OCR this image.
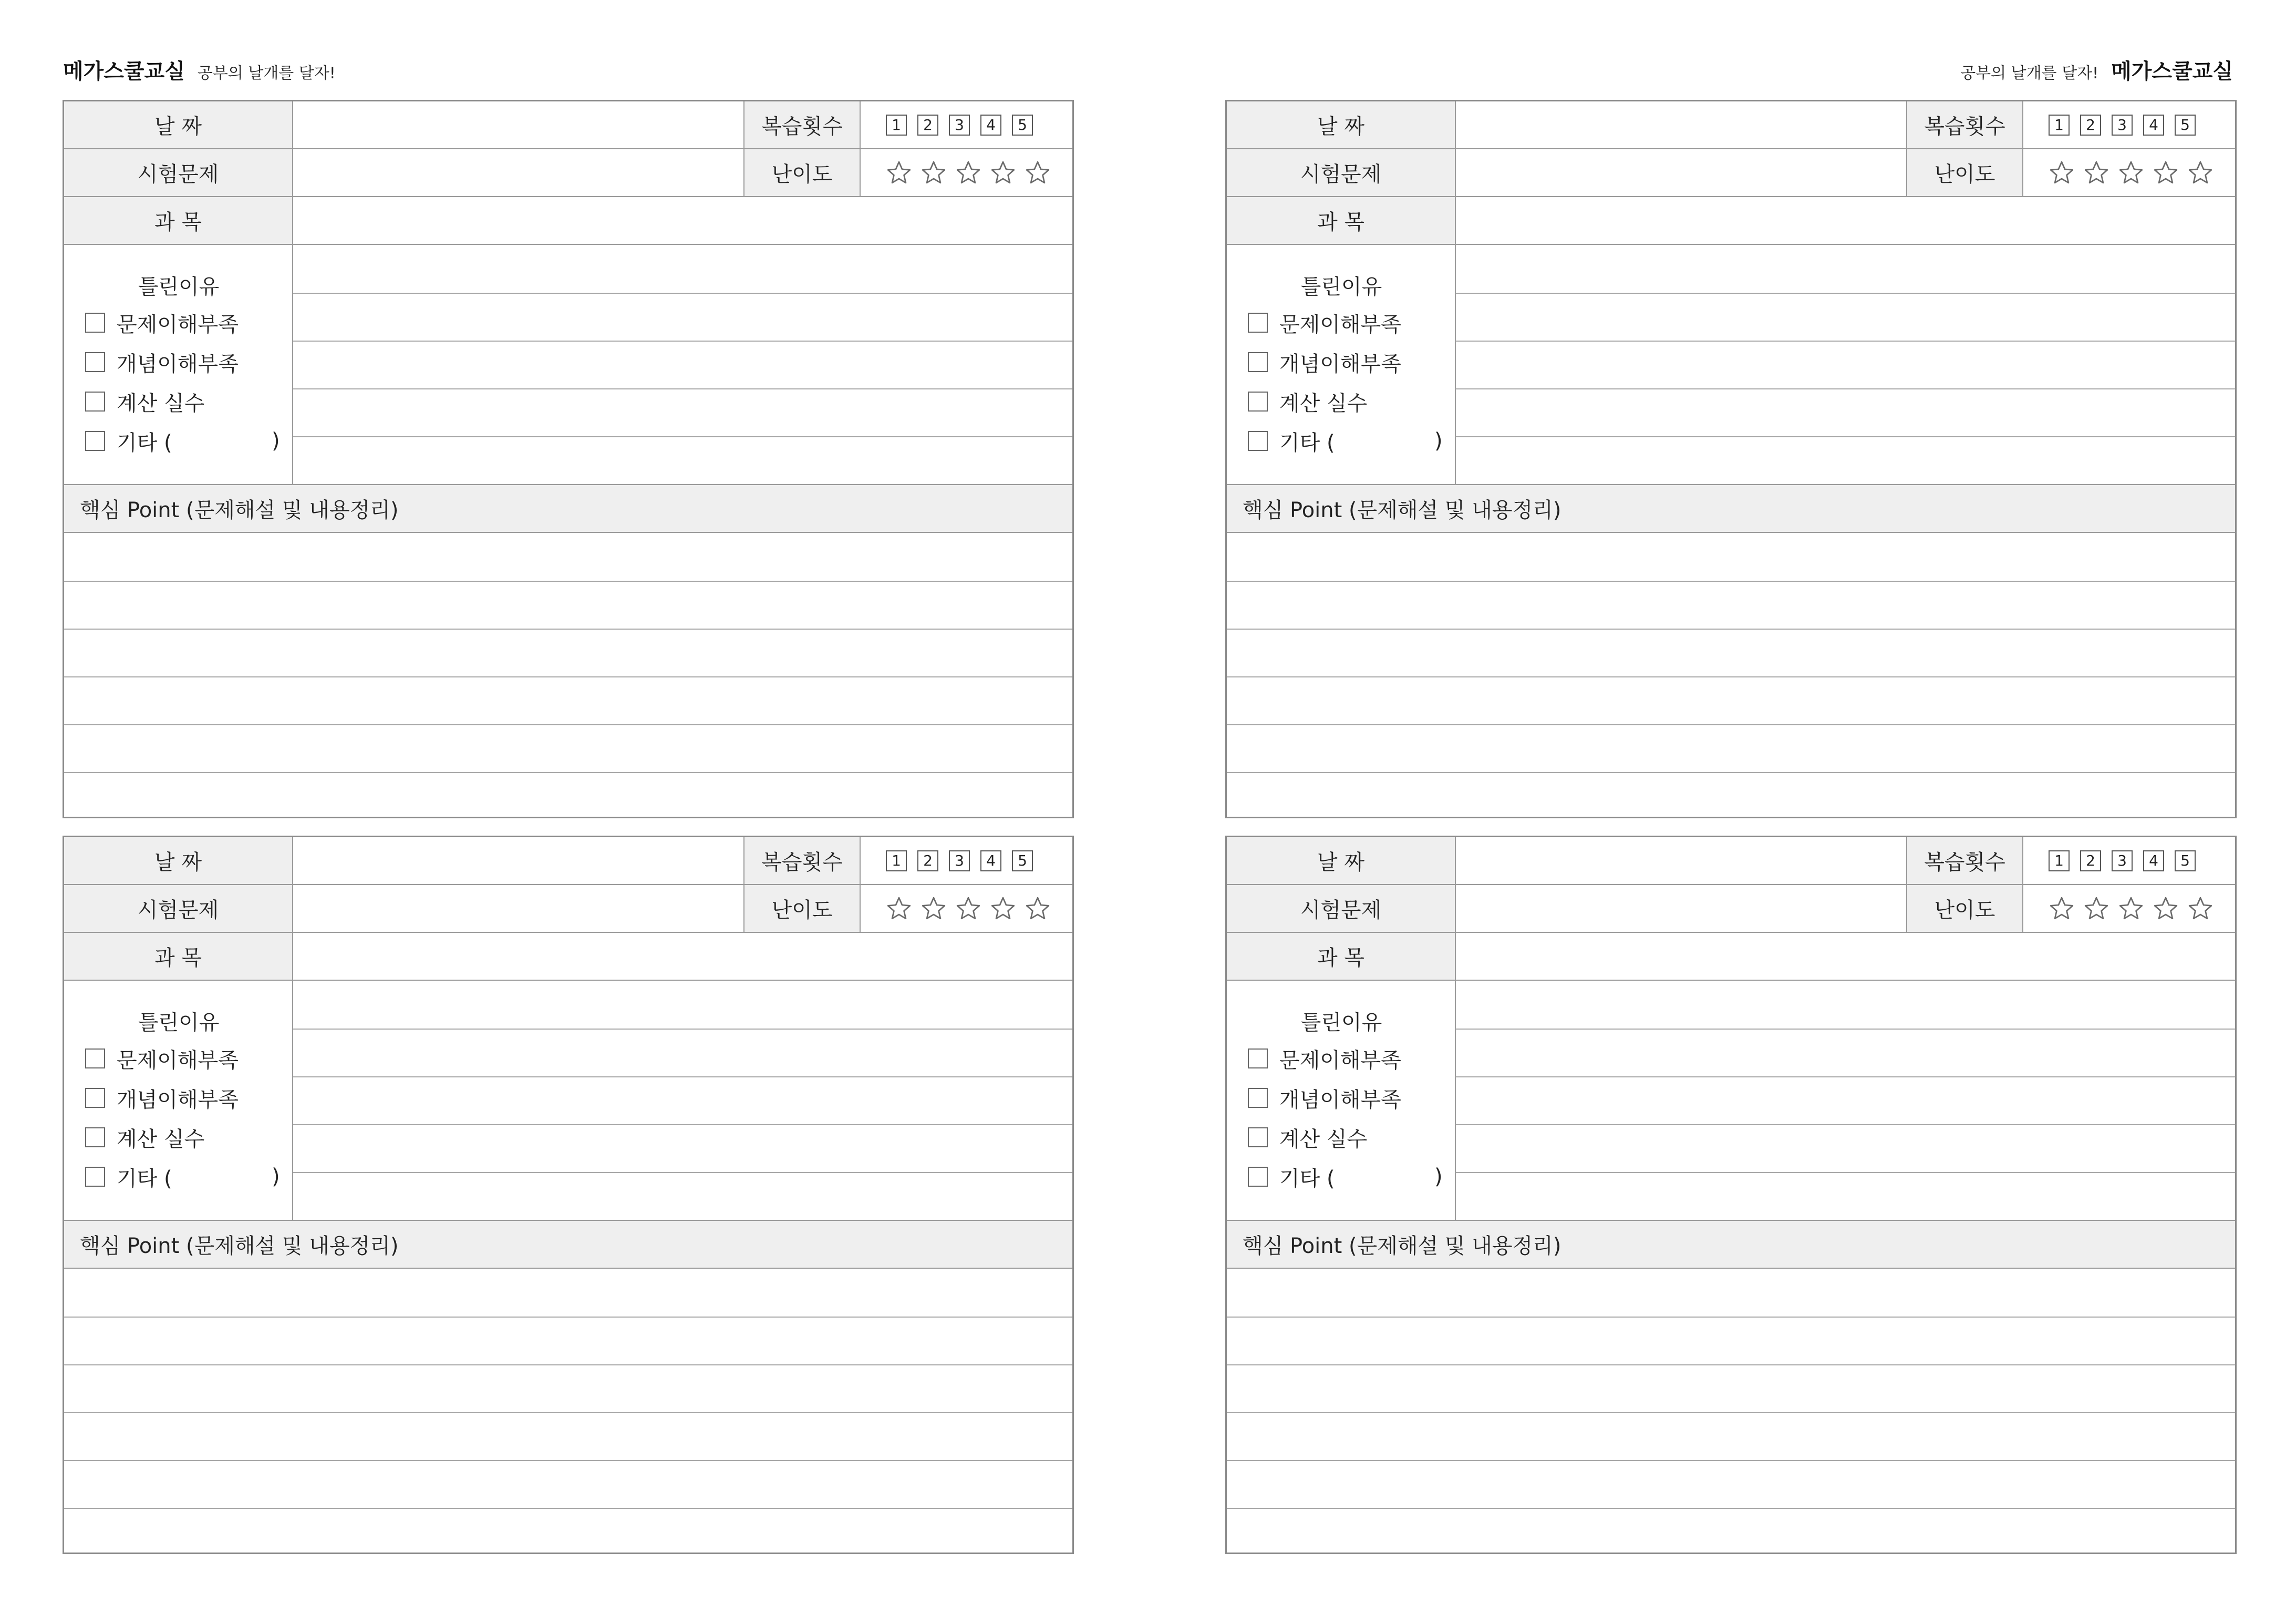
메가스쿨교실 공부의 날개를 달자!	공부의 날개를 달자! 메가스쿨교실
날 짜	복습횟수	1	2	3	4	5
시험문제	난이도
과 목
틀린이유
문제이해부족
개념이해부족
계산 실수
기타 (	)
핵심 Point (문제해설 및 내용정리)
날 짜	복습횟수	1	2	3	4	5
시험문제	난이도
과 목
틀린이유
문제이해부족
개념이해부족
계산 실수
기타 (	)
핵심 Point (문제해설 및 내용정리)
날 짜	복습횟수	1	2	3	4	5
시험문제	난이도
과 목
틀린이유
문제이해부족
개념이해부족
계산 실수
기타 (	)
핵심 Point (문제해설 및 내용정리)
날 짜	복습횟수	1	2	3	4	5
시험문제	난이도
과 목
틀린이유
문제이해부족
개념이해부족
계산 실수
기타 (	)
핵심 Point (문제해설 및 내용정리)
